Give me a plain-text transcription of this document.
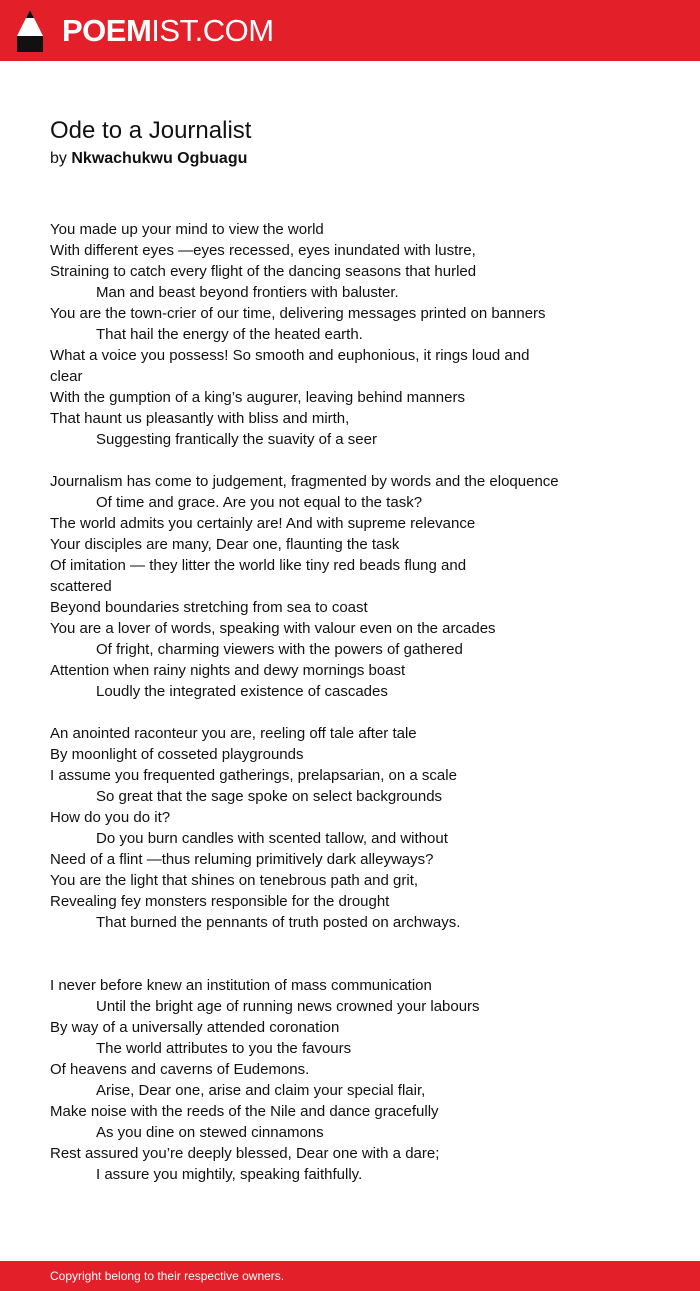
POEMIST.COM
Ode to a Journalist
by Nkwachukwu Ogbuagu
You made up your mind to view the world
With different eyes —eyes recessed, eyes inundated with lustre,
Straining to catch every flight of the dancing seasons that hurled
Man and beast beyond frontiers with baluster.
You are the town-crier of our time, delivering messages printed on banners
That hail the energy of the heated earth.
What a voice you possess! So smooth and euphonious, it rings loud and
clear
With the gumption of a king’s augurer, leaving behind manners
That haunt us pleasantly with bliss and mirth,
Suggesting frantically the suavity of a seer
Journalism has come to judgement, fragmented by words and the eloquence
Of time and grace. Are you not equal to the task?
The world admits you certainly are! And with supreme relevance
Your disciples are many, Dear one, flaunting the task
Of imitation — they litter the world like tiny red beads flung and
scattered
Beyond boundaries stretching from sea to coast
You are a lover of words, speaking with valour even on the arcades
Of fright, charming viewers with the powers of gathered
Attention when rainy nights and dewy mornings boast
Loudly the integrated existence of cascades
An anointed raconteur you are, reeling off tale after tale
By moonlight of cosseted playgrounds
I assume you frequented gatherings, prelapsarian, on a scale
So great that the sage spoke on select backgrounds
How do you do it?
Do you burn candles with scented tallow, and without
Need of a flint —thus reluming primitively dark alleyways?
You are the light that shines on tenebrous path and grit,
Revealing fey monsters responsible for the drought
That burned the pennants of truth posted on archways.
I never before knew an institution of mass communication
Until the bright age of running news crowned your labours
By way of a universally attended coronation
The world attributes to you the favours
Of heavens and caverns of Eudemons.
Arise, Dear one, arise and claim your special flair,
Make noise with the reeds of the Nile and dance gracefully
As you dine on stewed cinnamons
Rest assured you’re deeply blessed, Dear one with a dare;
I assure you mightily, speaking faithfully.
Copyright belong to their respective owners.
